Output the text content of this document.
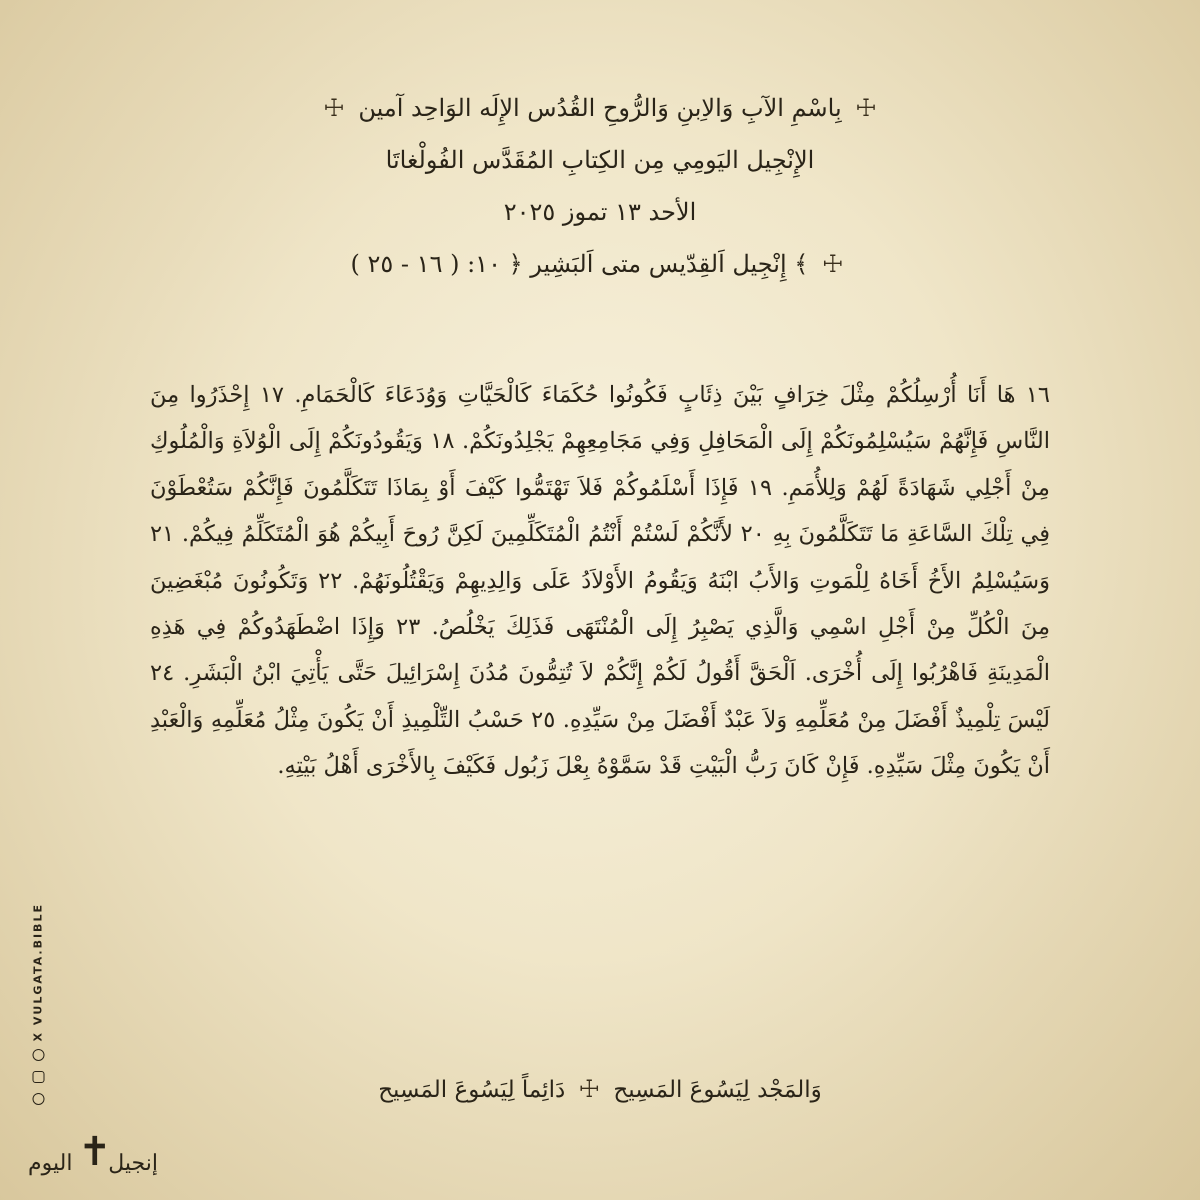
☩ بِاسْمِ الآبِ وَالاِبنِ وَالرُّوحِ القُدُس الإِلَه الوَاحِد آمين ☩
الإِنْجِيل اليَومِي مِن الكِتابِ المُقَدَّس الفُولْغاتَا
الأحد ١٣ تموز ٢٠٢٥
☩ ﴾ إِنْجِيل اَلقِدّيس متى اَلبَشِير ﴿ ١٠: ( ١٦ - ٢٥ )
١٦ هَا أَنَا أُرْسِلُكُمْ مِثْلَ خِرَافٍ بَيْنَ ذِئَابٍ فَكُونُوا حُكَمَاءَ كَالْحَيَّاتِ وَوُدَعَاءَ كَالْحَمَامِ. ١٧ إِحْذَرُوا مِنَ النَّاسِ فَإِنَّهُمْ سَيُسْلِمُونَكُمْ إِلَى الْمَحَافِلِ وَفِي مَجَامِعِهِمْ يَجْلِدُونَكُمْ. ١٨ وَيَقُودُونَكُمْ إِلَى الْوُلاَةِ وَالْمُلُوكِ مِنْ أَجْلِي شَهَادَةً لَهُمْ وَلِلأُمَمِ. ١٩ فَإِذَا أَسْلَمُوكُمْ فَلاَ تَهْتَمُّوا كَيْفَ أَوْ بِمَاذَا تَتَكَلَّمُونَ فَإِنَّكُمْ سَتُعْطَوْنَ فِي تِلْكَ السَّاعَةِ مَا تَتَكَلَّمُونَ بِهِ ٢٠ لأَنَّكُمْ لَسْتُمْ أَنْتُمُ الْمُتَكَلِّمِينَ لَكِنَّ رُوحَ أَبِيكُمْ هُوَ الْمُتَكَلِّمُ فِيكُمْ. ٢١ وَسَيُسْلِمُ الأَخُ أَخَاهُ لِلْمَوتِ وَالأَبُ ابْنَهُ وَيَقُومُ الأَوْلاَدُ عَلَى وَالِدِيهِمْ وَيَقْتُلُونَهُمْ. ٢٢ وَتَكُونُونَ مُبْغَضِينَ مِنَ الْكُلِّ مِنْ أَجْلِ اسْمِي وَالَّذِي يَصْبِرُ إِلَى الْمُنْتَهَى فَذَلِكَ يَخْلُصُ. ٢٣ وَإِذَا اضْطَهَدُوكُمْ فِي هَذِهِ الْمَدِينَةِ فَاهْرُبُوا إِلَى أُخْرَى. اَلْحَقَّ أَقُولُ لَكُمْ إِنَّكُمْ لاَ تُتِمُّونَ مُدُنَ إِسْرَائِيلَ حَتَّى يَأْتِيَ ابْنُ الْبَشَرِ. ٢٤ لَيْسَ تِلْمِيذٌ أَفْضَلَ مِنْ مُعَلِّمِهِ وَلاَ عَبْدٌ أَفْضَلَ مِنْ سَيِّدِهِ. ٢٥ حَسْبُ التِّلْمِيذِ أَنْ يَكُونَ مِثْلُ مُعَلِّمِهِ وَالْعَبْدِ أَنْ يَكُونَ مِثْلَ سَيِّدِهِ. فَإِنْ كَانَ رَبُّ الْبَيْتِ قَدْ سَمَّوْهُ بِعْلَ زَبُول فَكَيْفَ بِالأَخْرَى أَهْلُ بَيْتِهِ.
وَالمَجْد لِيَسُوعَ المَسِيح ☩ دَائِماً لِيَسُوعَ المَسِيح
X VULGATA.BIBLE
إنجيل
✝
اليوم
